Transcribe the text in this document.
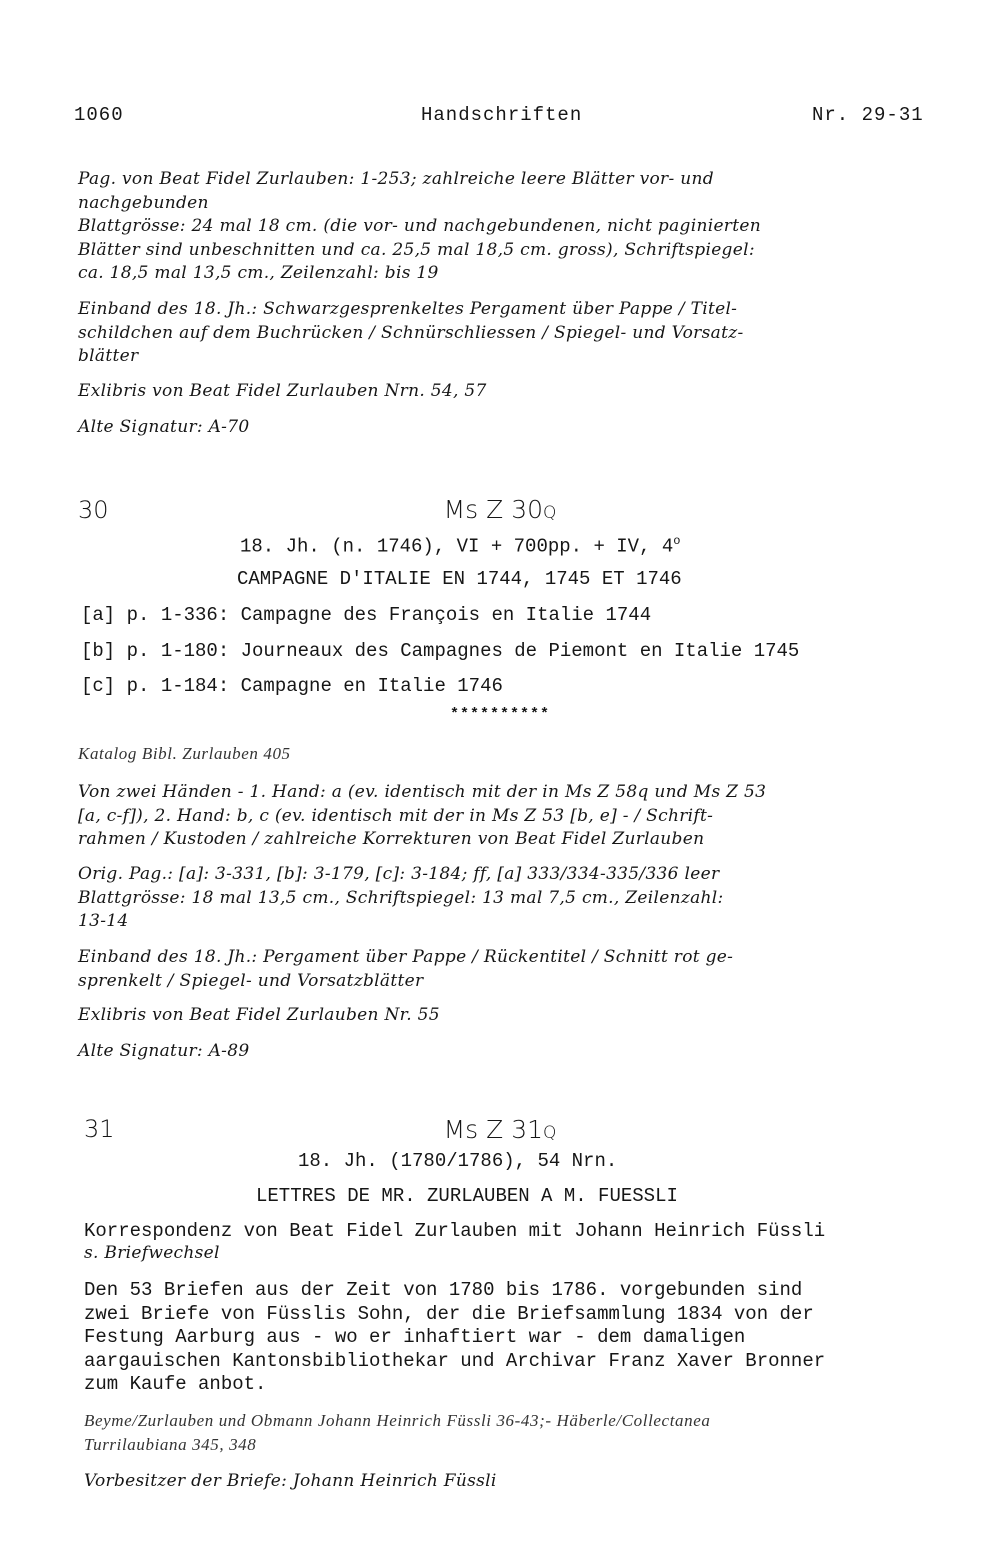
1060	Handschriften	Nr. 29-31

Pag. von Beat Fidel Zurlauben: 1-253; zahlreiche leere Blätter vor- und

nachgebunden

Blattgrösse: 24 mal 18 cm. (die vor- und nachgebundenen, nicht paginierten

Blätter sind unbeschnitten und ca. 25,5 mal 18,5 cm. gross), Schriftspiegel:

ca. 18,5 mal 13,5 cm., Zeilenzahl: bis 19

Einband des 18. Jh.: Schwarzgesprenkeltes Pergament über Pappe / Titel-

schildchen auf dem Buchrücken / Schnürschliessen / Spiegel- und Vorsatz-

blätter

Exlibris von Beat Fidel Zurlauben Nrn. 54, 57
Alte Signatur: A-70
30	Ms Z 30Q
18. Jh. (n. 1746), VI + 700pp. + IV, 4$^o$
CAMPAGNE D'ITALIE EN 1744, 1745 ET 1746
[a] p. 1-336: Campagne des François en Italie 1744
[b] p. 1-180: Journeaux des Campagnes de Piemont en Italie 1745
[c] p. 1-184: Campagne en Italie 1746
**********
Katalog Bibl. Zurlauben 405

Von zwei Händen - 1. Hand: a (ev. identisch mit der in Ms Z 58q und Ms Z 53

[a, c-f]), 2. Hand: b, c (ev. identisch mit der in Ms Z 53 [b, e] - / Schrift-

rahmen / Kustoden / zahlreiche Korrekturen von Beat Fidel Zurlauben

Orig. Pag.: [a]: 3-331, [b]: 3-179, [c]: 3-184; ff, [a] 333/334-335/336 leer

Blattgrösse: 18 mal 13,5 cm., Schriftspiegel: 13 mal 7,5 cm., Zeilenzahl:

13-14

Einband des 18. Jh.: Pergament über Pappe / Rückentitel / Schnitt rot ge-

sprenkelt / Spiegel- und Vorsatzblätter

Exlibris von Beat Fidel Zurlauben Nr. 55
Alte Signatur: A-89
31	Ms Z 31Q
18. Jh. (1780/1786), 54 Nrn.
LETTRES DE MR. ZURLAUBEN A M. FUESSLI
Korrespondenz von Beat Fidel Zurlauben mit Johann Heinrich Füssli
s. Briefwechsel

Den 53 Briefen aus der Zeit von 1780 bis 1786. vorgebunden sind

zwei Briefe von Füsslis Sohn, der die Briefsammlung 1834 von der

Festung Aarburg aus - wo er inhaftiert war - dem damaligen

aargauischen Kantonsbibliothekar und Archivar Franz Xaver Bronner

zum Kaufe anbot.

Beyme/Zurlauben und Obmann Johann Heinrich Füssli 36-43;- Häberle/Collectanea

Turrilaubiana 345, 348

Vorbesitzer der Briefe: Johann Heinrich Füssli
